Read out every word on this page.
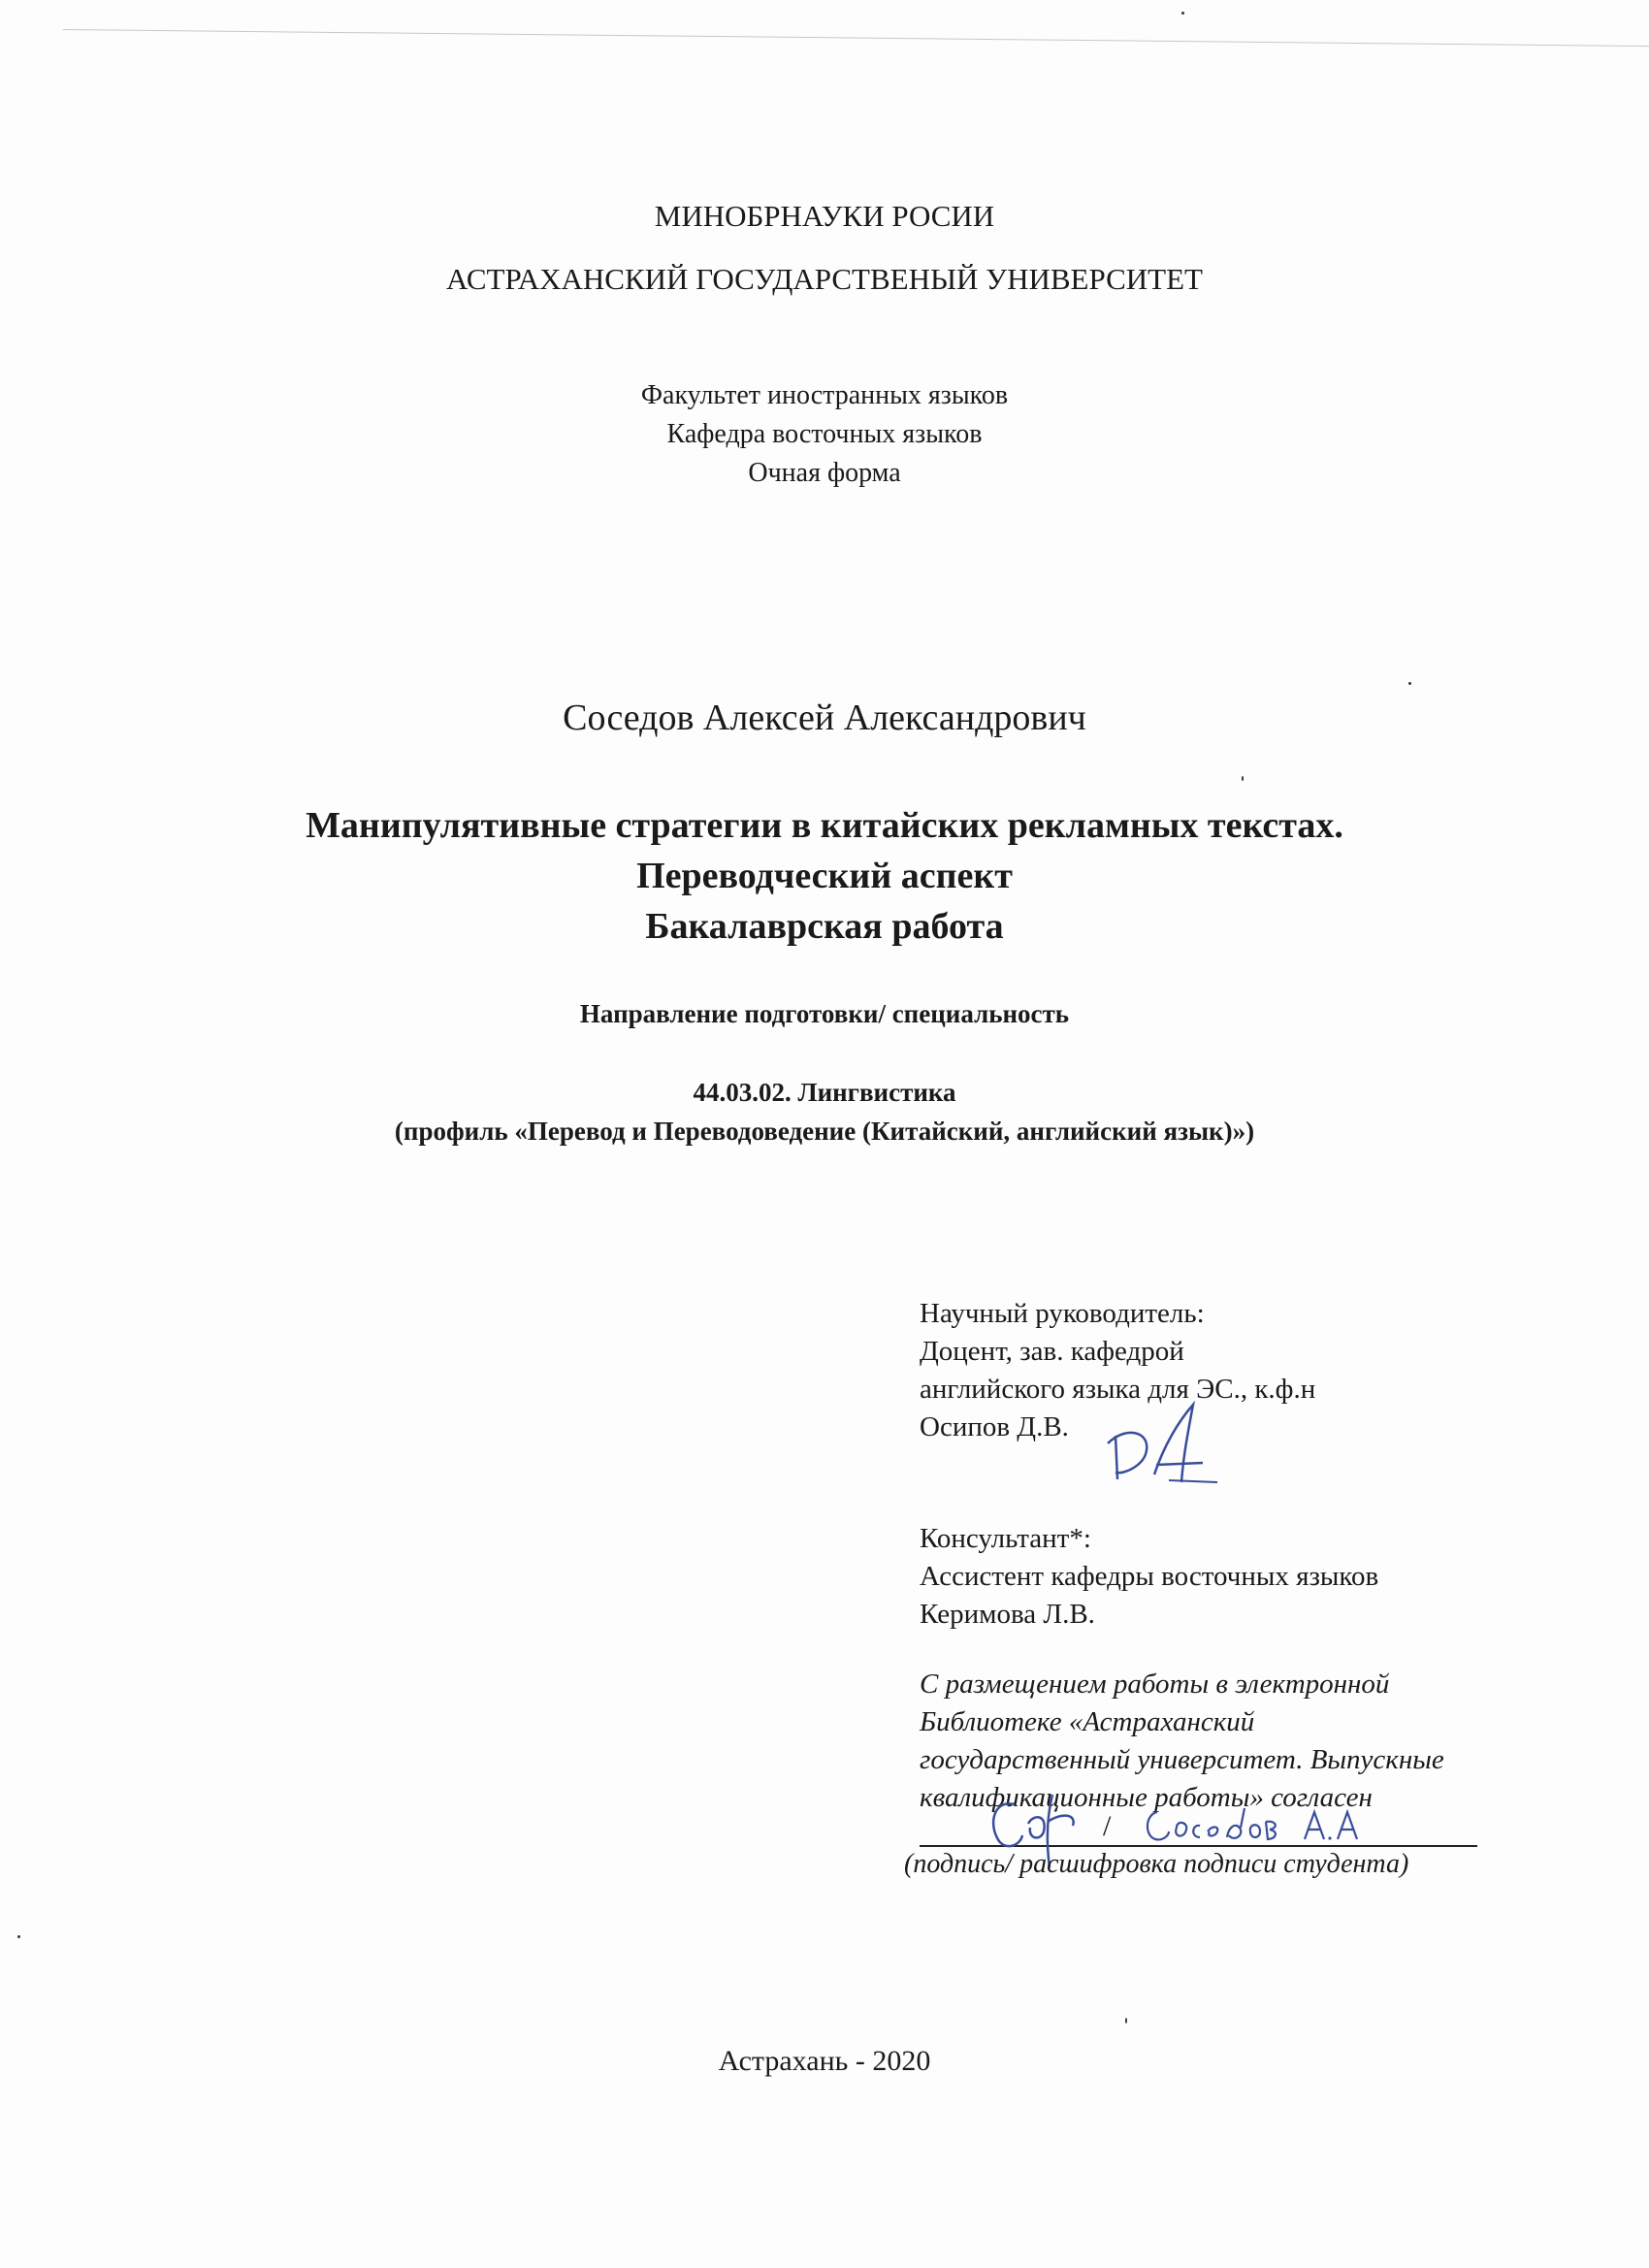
МИНОБРНАУКИ РОСИИ
АСТРАХАНСКИЙ ГОСУДАРСТВЕНЫЙ УНИВЕРСИТЕТ
Факультет иностранных языков
Кафедра восточных языков
Очная форма
Соседов Алексей Александрович
Манипулятивные стратегии в китайских рекламных текстах.
Переводческий аспект
Бакалаврская работа
Направление подготовки/ специальность
44.03.02. Лингвистика
(профиль «Перевод и Переводоведение (Китайский, английский язык)»)
Научный руководитель:
Доцент, зав. кафедрой
английского языка для ЭС., к.ф.н
Осипов Д.В.
Консультант*:
Ассистент кафедры восточных языков
Керимова Л.В.
С размещением работы в электронной
Библиотеке «Астраханский
государственный университет. Выпускные
квалификационные работы» согласен
/
(подпись/ расшифровка подписи студента)
Астрахань - 2020
